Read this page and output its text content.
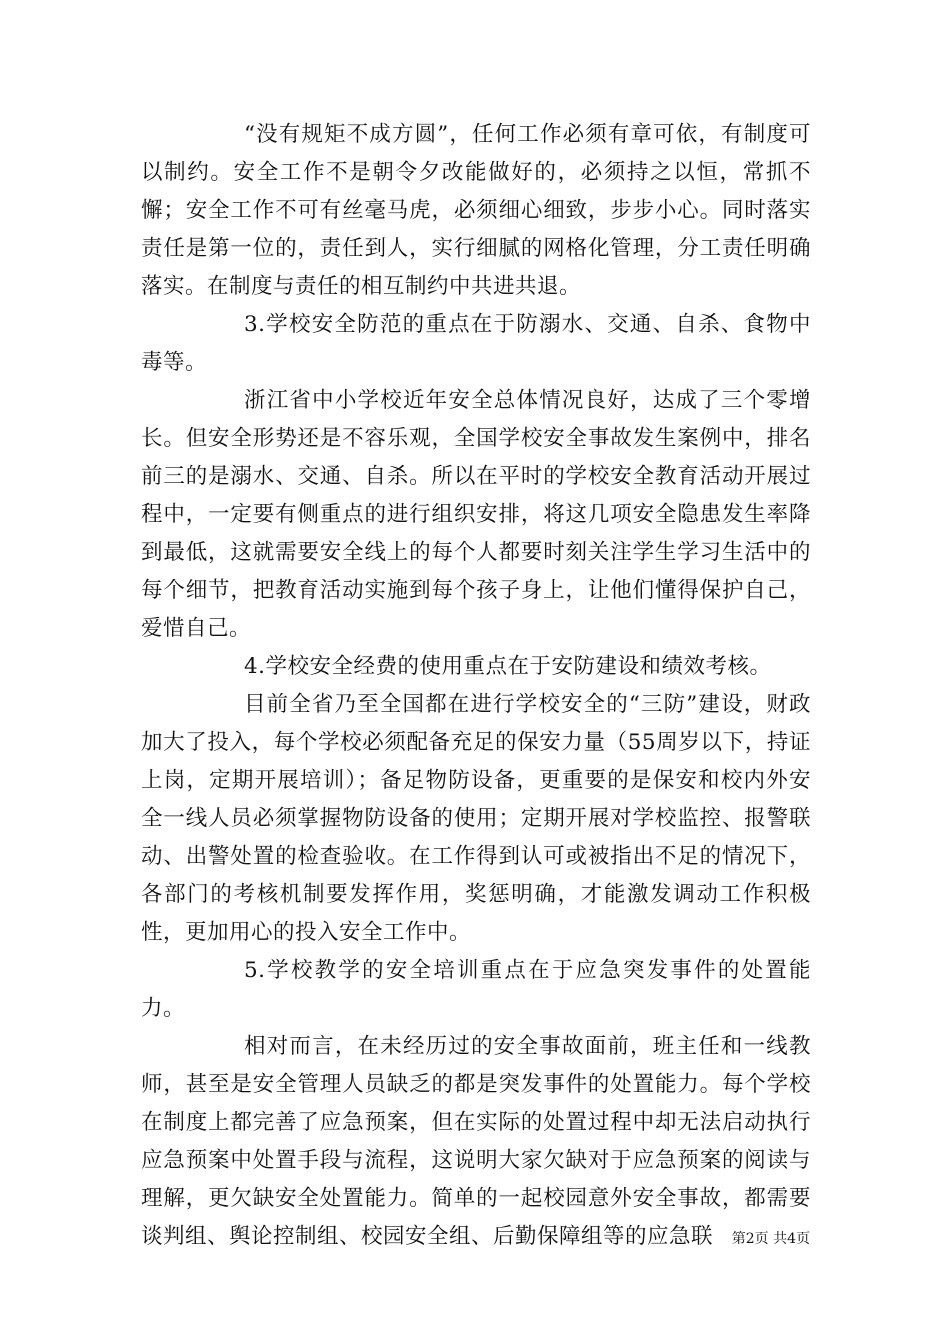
“没有规矩不成方圆”，任何工作必须有章可依，有制度可以制约。安全工作不是朝令夕改能做好的，必须持之以恒，常抓不懈；安全工作不可有丝毫马虎，必须细心细致，步步小心。同时落实责任是第一位的，责任到人，实行细腻的网格化管理，分工责任明确落实。在制度与责任的相互制约中共进共退。

3.学校安全防范的重点在于防溺水、交通、自杀、食物中毒等。

浙江省中小学校近年安全总体情况良好，达成了三个零增长。但安全形势还是不容乐观，全国学校安全事故发生案例中，排名前三的是溺水、交通、自杀。所以在平时的学校安全教育活动开展过程中，一定要有侧重点的进行组织安排，将这几项安全隐患发生率降到最低，这就需要安全线上的每个人都要时刻关注学生学习生活中的每个细节，把教育活动实施到每个孩子身上，让他们懂得保护自己，爱惜自己。

4.学校安全经费的使用重点在于安防建设和绩效考核。

目前全省乃至全国都在进行学校安全的“三防”建设，财政加大了投入，每个学校必须配备充足的保安力量（55周岁以下，持证上岗，定期开展培训）；备足物防设备，更重要的是保安和校内外安全一线人员必须掌握物防设备的使用；定期开展对学校监控、报警联动、出警处置的检查验收。在工作得到认可或被指出不足的情况下，各部门的考核机制要发挥作用，奖惩明确，才能激发调动工作积极性，更加用心的投入安全工作中。

5.学校教学的安全培训重点在于应急突发事件的处置能力。

相对而言，在未经历过的安全事故面前，班主任和一线教师，甚至是安全管理人员缺乏的都是突发事件的处置能力。每个学校在制度上都完善了应急预案，但在实际的处置过程中却无法启动执行应急预案中处置手段与流程，这说明大家欠缺对于应急预案的阅读与理解，更欠缺安全处置能力。简单的一起校园意外安全事故，都需要谈判组、舆论控制组、校园安全组、后勤保障组等的应急联	第2页 共4页
